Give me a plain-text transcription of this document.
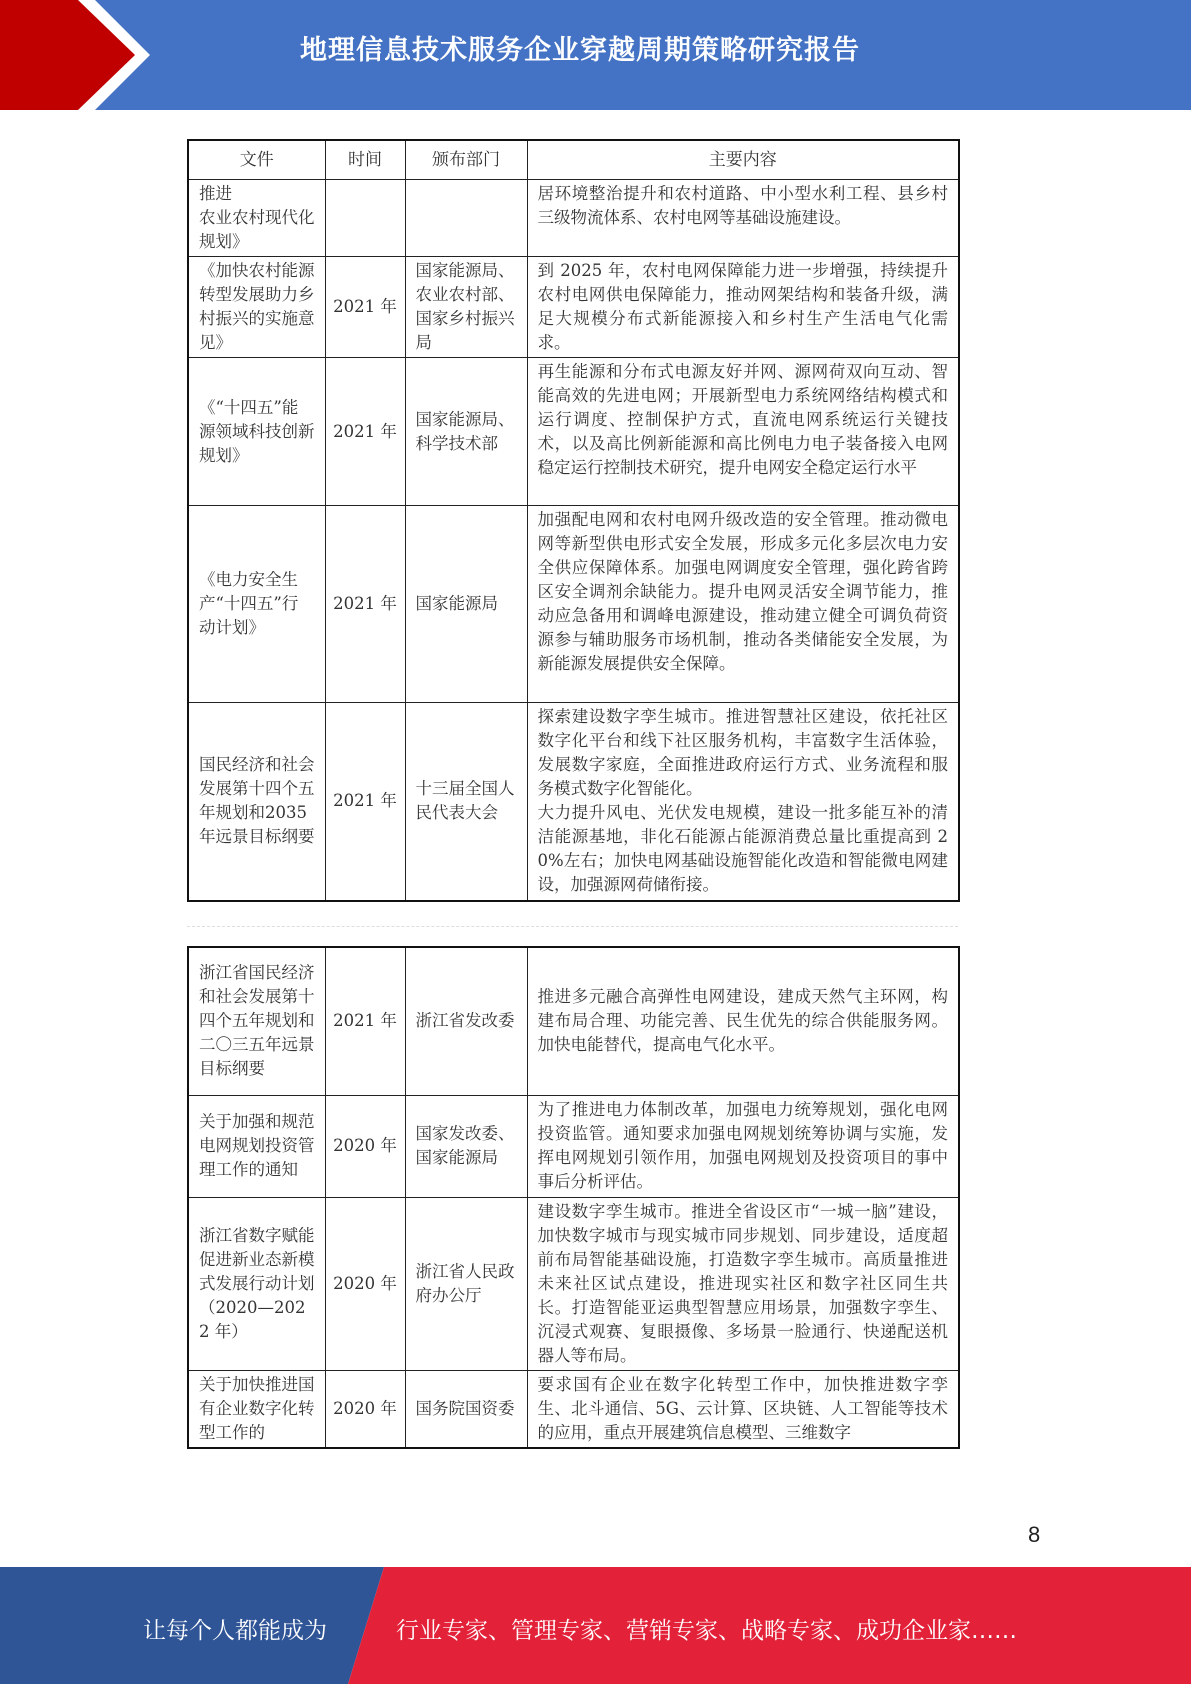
地理信息技术服务企业穿越周期策略研究报告
文件	时间	颁布部门	主要内容
推进
农业农村现代化规划》			居环境整治提升和农村道路、中小型水利工程、县乡村三级物流体系、农村电网等基础设施建设。
《加快农村能源转型发展助力乡村振兴的实施意见》	2021 年	国家能源局、农业农村部、国家乡村振兴局	到 2025 年，农村电网保障能力进一步增强，持续提升农村电网供电保障能力，推动网架结构和装备升级，满足大规模分布式新能源接入和乡村生产生活电气化需求。
《“十四五”能源领域科技创新规划》	2021 年	国家能源局、科学技术部	再生能源和分布式电源友好并网、源网荷双向互动、智能高效的先进电网；开展新型电力系统网络结构模式和运行调度、控制保护方式，直流电网系统运行关键技术，以及高比例新能源和高比例电力电子装备接入电网稳定运行控制技术研究，提升电网安全稳定运行水平
《电力安全生产“十四五”行动计划》	2021 年	国家能源局	加强配电网和农村电网升级改造的安全管理。推动微电网等新型供电形式安全发展，形成多元化多层次电力安全供应保障体系。加强电网调度安全管理，强化跨省跨区安全调剂余缺能力。提升电网灵活安全调节能力，推动应急备用和调峰电源建设，推动建立健全可调负荷资源参与辅助服务市场机制，推动各类储能安全发展，为新能源发展提供安全保障。
国民经济和社会发展第十四个五年规划和2035 年远景目标纲要	2021 年	十三届全国人民代表大会	探索建设数字孪生城市。推进智慧社区建设，依托社区数字化平台和线下社区服务机构，丰富数字生活体验，发展数字家庭，全面推进政府运行方式、业务流程和服务模式数字化智能化。
大力提升风电、光伏发电规模，建设一批多能互补的清洁能源基地，非化石能源占能源消费总量比重提高到 20%左右；加快电网基础设施智能化改造和智能微电网建设，加强源网荷储衔接。
浙江省国民经济和社会发展第十四个五年规划和二〇三五年远景目标纲要	2021 年	浙江省发改委	推进多元融合高弹性电网建设，建成天然气主环网，构建布局合理、功能完善、民生优先的综合供能服务网。加快电能替代，提高电气化水平。
关于加强和规范电网规划投资管理工作的通知	2020 年	国家发改委、国家能源局	为了推进电力体制改革，加强电力统筹规划，强化电网投资监管。通知要求加强电网规划统筹协调与实施，发挥电网规划引领作用，加强电网规划及投资项目的事中事后分析评估。
浙江省数字赋能促进新业态新模式发展行动计划（2020—2022 年）	2020 年	浙江省人民政府办公厅	建设数字孪生城市。推进全省设区市“一城一脑”建设，加快数字城市与现实城市同步规划、同步建设，适度超前布局智能基础设施，打造数字孪生城市。高质量推进未来社区试点建设，推进现实社区和数字社区同生共长。打造智能亚运典型智慧应用场景，加强数字孪生、沉浸式观赛、复眼摄像、多场景一脸通行、快递配送机器人等布局。
关于加快推进国有企业数字化转型工作的	2020 年	国务院国资委	要求国有企业在数字化转型工作中，加快推进数字孪生、北斗通信、5G、云计算、区块链、人工智能等技术的应用，重点开展建筑信息模型、三维数字
8
让每个人都能成为	行业专家、管理专家、营销专家、战略专家、成功企业家……
